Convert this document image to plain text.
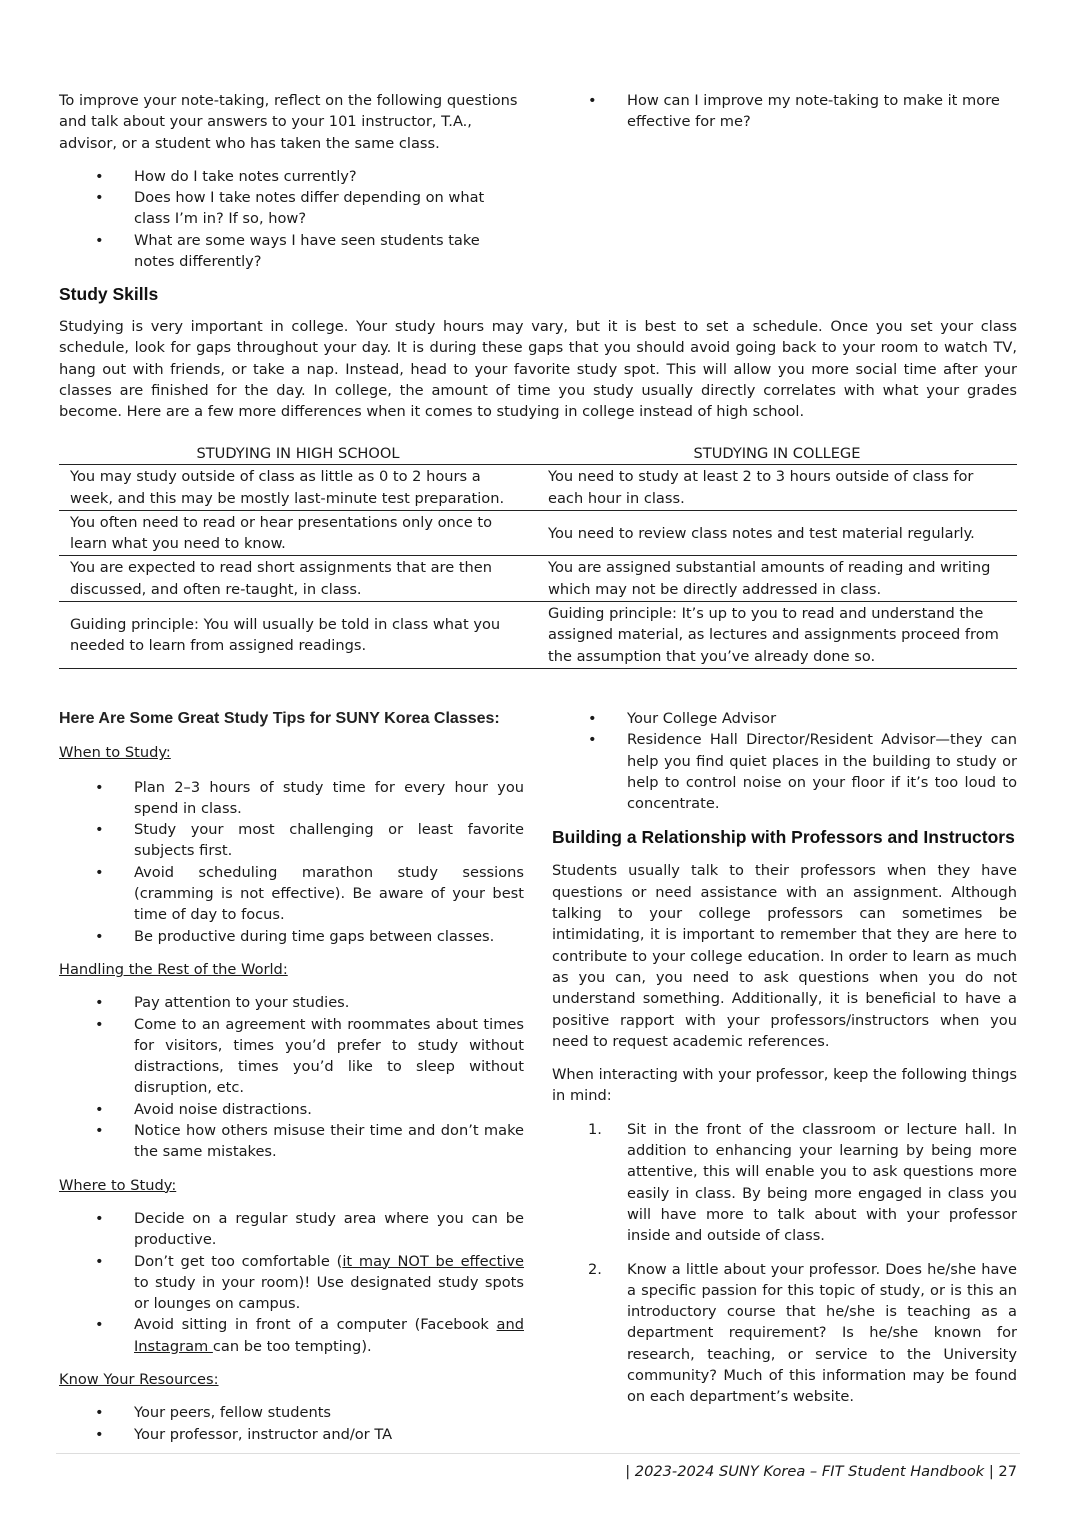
To improve your note-taking, reflect on the following questions and talk about your answers to your 101 instructor, T.A., advisor, or a student who has taken the same class.

• How do I take notes currently?
• Does how I take notes differ depending on what class I’m in? If so, how?
• What are some ways I have seen students take notes differently?
• How can I improve my note-taking to make it more effective for me?
Study Skills

Studying is very important in college. Your study hours may vary, but it is best to set a schedule. Once you set your class schedule, look for gaps throughout your day. It is during these gaps that you should avoid going back to your room to watch TV, hang out with friends, or take a nap. Instead, head to your favorite study spot. This will allow you more social time after your classes are finished for the day. In college, the amount of time you study usually directly correlates with what your grades become. Here are a few more differences when it comes to studying in college instead of high school.

STUDYING IN HIGH SCHOOL	STUDYING IN COLLEGE
You may study outside of class as little as 0 to 2 hours a week, and this may be mostly last-minute test preparation.	You need to study at least 2 to 3 hours outside of class for each hour in class.
You often need to read or hear presentations only once to learn what you need to know.	You need to review class notes and test material regularly.
You are expected to read short assignments that are then discussed, and often re-taught, in class.	You are assigned substantial amounts of reading and writing which may not be directly addressed in class.
Guiding principle: You will usually be told in class what you needed to learn from assigned readings.	Guiding principle: It’s up to you to read and understand the assigned material, as lectures and assignments proceed from the assumption that you’ve already done so.
Here Are Some Great Study Tips for SUNY Korea Classes:

When to Study:

• Plan 2–3 hours of study time for every hour you spend in class.
• Study your most challenging or least favorite subjects first.
• Avoid scheduling marathon study sessions (cramming is not effective). Be aware of your best time of day to focus.
• Be productive during time gaps between classes.

Handling the Rest of the World:

• Pay attention to your studies.
• Come to an agreement with roommates about times for visitors, times you’d prefer to study without distractions, times you’d like to sleep without disruption, etc.
• Avoid noise distractions.
• Notice how others misuse their time and don’t make the same mistakes.

Where to Study:

• Decide on a regular study area where you can be productive.
• Don’t get too comfortable (it may NOT be effective to study in your room)! Use designated study spots or lounges on campus.
• Avoid sitting in front of a computer (Facebook and Instagram can be too tempting).

Know Your Resources:

• Your peers, fellow students
• Your professor, instructor and/or TA
• Your College Advisor
• Residence Hall Director/Resident Advisor—they can help you find quiet places in the building to study or help to control noise on your floor if it’s too loud to concentrate.
Building a Relationship with Professors and Instructors

Students usually talk to their professors when they have questions or need assistance with an assignment. Although talking to your college professors can sometimes be intimidating, it is important to remember that they are here to contribute to your college education. In order to learn as much as you can, you need to ask questions when you do not understand something. Additionally, it is beneficial to have a positive rapport with your professors/instructors when you need to request academic references.

When interacting with your professor, keep the following things in mind:

1. Sit in the front of the classroom or lecture hall. In addition to enhancing your learning by being more attentive, this will enable you to ask questions more easily in class. By being more engaged in class you will have more to talk about with your professor inside and outside of class.
2. Know a little about your professor. Does he/she have a specific passion for this topic of study, or is this an introductory course that he/she is teaching as a department requirement? Is he/she known for research, teaching, or service to the University community? Much of this information may be found on each department’s website.
| 2023-2024 SUNY Korea – FIT Student Handbook | 27
